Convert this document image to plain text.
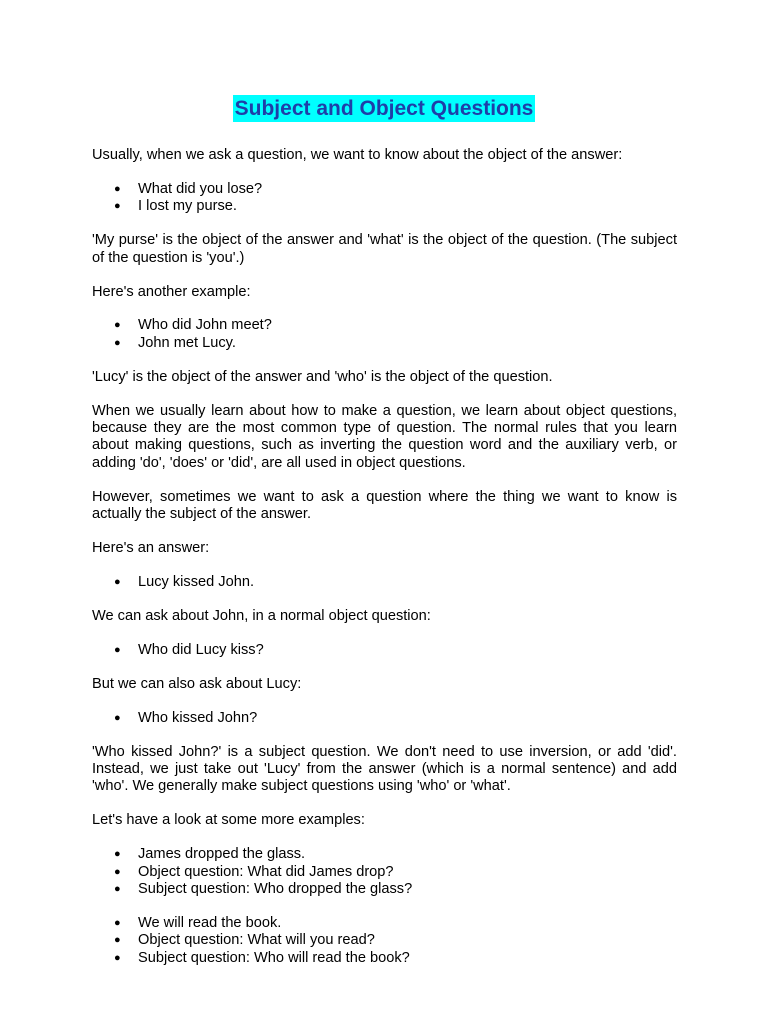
Subject and Object Questions

Usually, when we ask a question, we want to know about the object of the answer:

● What did you lose?
● I lost my purse.

'My purse' is the object of the answer and 'what' is the object of the question. (The subject of the question is 'you'.)

Here's another example:

● Who did John meet?
● John met Lucy.

'Lucy' is the object of the answer and 'who' is the object of the question.

When we usually learn about how to make a question, we learn about object questions, because they are the most common type of question. The normal rules that you learn about making questions, such as inverting the question word and the auxiliary verb, or adding 'do', 'does' or 'did', are all used in object questions.

However, sometimes we want to ask a question where the thing we want to know is actually the subject of the answer.

Here's an answer:

● Lucy kissed John.

We can ask about John, in a normal object question:

● Who did Lucy kiss?

But we can also ask about Lucy:

● Who kissed John?

'Who kissed John?' is a subject question. We don't need to use inversion, or add 'did'. Instead, we just take out 'Lucy' from the answer (which is a normal sentence) and add 'who'. We generally make subject questions using 'who' or 'what'.

Let's have a look at some more examples:

● James dropped the glass.
● Object question: What did James drop?
● Subject question: Who dropped the glass?
● We will read the book.
● Object question: What will you read?
● Subject question: Who will read the book?
